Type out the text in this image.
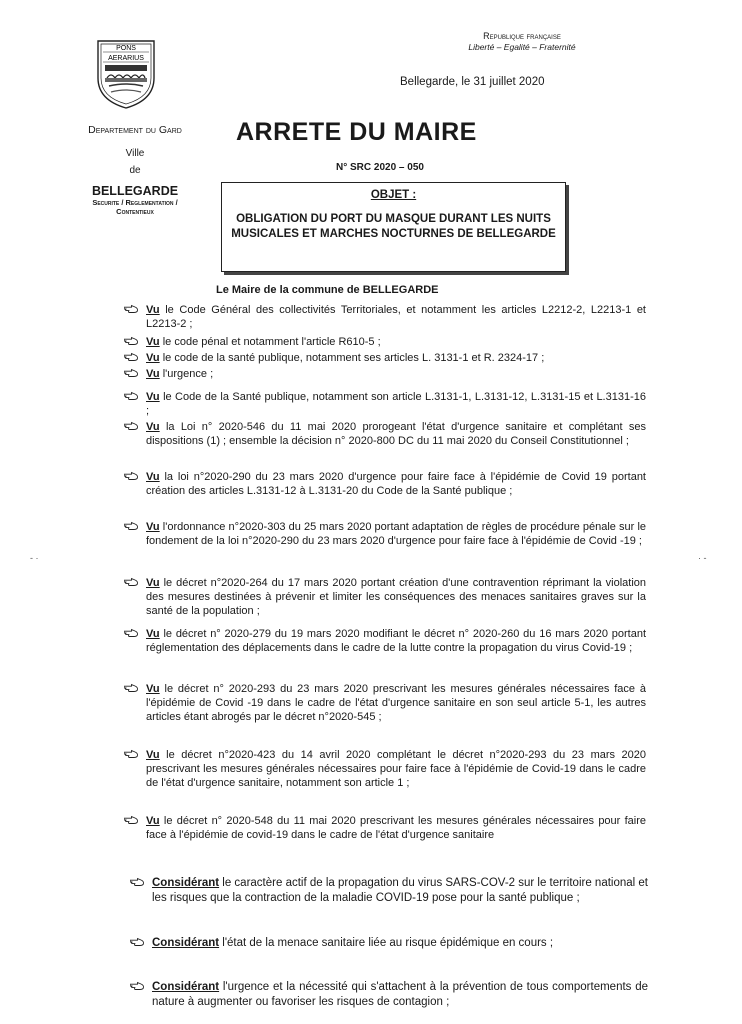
PONS
AERARIUS
Departement du Gard
Ville
de
BELLEGARDE
Securite / Reglementation /
Contentieux
Republique française
Liberté – Egalité – Fraternité
Bellegarde, le 31 juillet 2020
ARRETE DU MAIRE
N° SRC 2020 – 050
OBJET :
OBLIGATION DU PORT DU MASQUE DURANT LES NUITS MUSICALES ET MARCHES NOCTURNES DE BELLEGARDE
Le Maire de la commune de BELLEGARDE
Vu le Code Général des collectivités Territoriales, et notamment les articles L2212-2, L2213-1 et L2213-2 ;
Vu le code pénal et notamment l'article R610-5 ;
Vu le code de la santé publique, notamment ses articles L. 3131-1 et R. 2324-17 ;
Vu l'urgence ;
Vu le Code de la Santé publique, notamment son article L.3131-1, L.3131-12, L.3131-15 et L.3131-16 ;
Vu la Loi n° 2020-546 du 11 mai 2020 prorogeant l'état d'urgence sanitaire et complétant ses dispositions (1) ; ensemble la décision n° 2020-800 DC du 11 mai 2020 du Conseil Constitutionnel ;
Vu la loi n°2020-290 du 23 mars 2020 d'urgence pour faire face à l'épidémie de Covid 19 portant création des articles L.3131-12 à L.3131-20 du Code de la Santé publique ;
Vu l'ordonnance n°2020-303 du 25 mars 2020 portant adaptation de règles de procédure pénale sur le fondement de la loi n°2020-290 du 23 mars 2020 d'urgence pour faire face à l'épidémie de Covid -19 ;
Vu le décret n°2020-264 du 17 mars 2020 portant création d'une contravention réprimant la violation des mesures destinées à prévenir et limiter les conséquences des menaces sanitaires graves sur la santé de la population ;
Vu le décret n° 2020-279 du 19 mars 2020 modifiant le décret n° 2020-260 du 16 mars 2020 portant réglementation des déplacements dans le cadre de la lutte contre la propagation du virus Covid-19 ;
Vu le décret n° 2020-293 du 23 mars 2020 prescrivant les mesures générales nécessaires face à l'épidémie de Covid -19 dans le cadre de l'état d'urgence sanitaire en son seul article 5-1, les autres articles étant abrogés par le décret n°2020-545 ;
Vu le décret n°2020-423 du 14 avril 2020 complétant le décret n°2020-293 du 23 mars 2020 prescrivant les mesures générales nécessaires pour faire face à l'épidémie de Covid-19 dans le cadre de l'état d'urgence sanitaire, notamment son article 1 ;
Vu le décret n° 2020-548 du 11 mai 2020 prescrivant les mesures générales nécessaires pour faire face à l'épidémie de covid-19 dans le cadre de l'état d'urgence sanitaire
Considérant le caractère actif de la propagation du virus SARS-COV-2 sur le territoire national et les risques que la contraction de la maladie COVID-19 pose pour la santé publique ;
Considérant l'état de la menace sanitaire liée au risque épidémique en cours ;
Considérant l'urgence et la nécessité qui s'attachent à la prévention de tous comportements de nature à augmenter ou favoriser les risques de contagion ;
- ·	· -
